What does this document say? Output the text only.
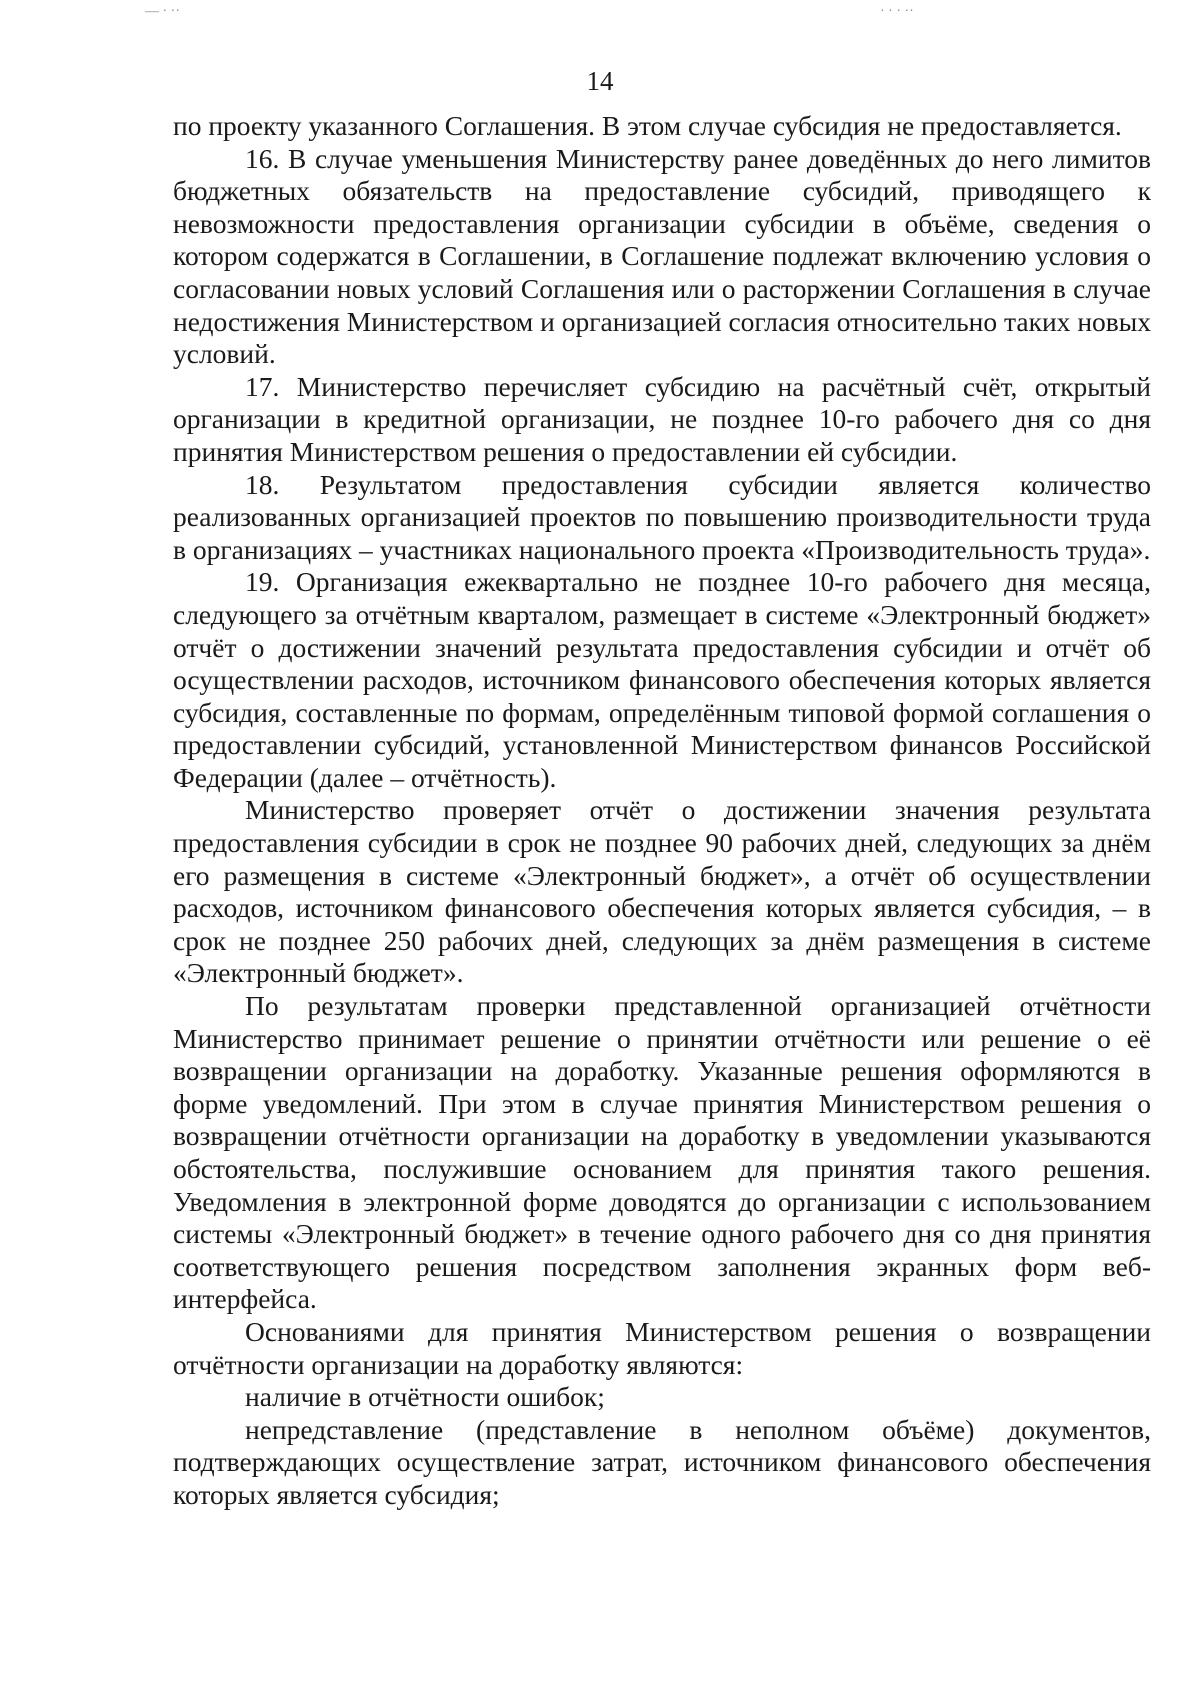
— · ··	· · · ··
14

по проекту указанного Соглашения. В этом случае субсидия не предоставляется.

16. В случае уменьшения Министерству ранее доведённых до него лимитов бюджетных обязательств на предоставление субсидий, приводящего к невозможности предоставления организации субсидии в объёме, сведения о котором содержатся в Соглашении, в Соглашение подлежат включению условия о согласовании новых условий Соглашения или о расторжении Соглашения в случае недостижения Министерством и организацией согласия относительно таких новых условий.

17. Министерство перечисляет субсидию на расчётный счёт, открытый организации в кредитной организации, не позднее 10-го рабочего дня со дня принятия Министерством решения о предоставлении ей субсидии.

18. Результатом предоставления субсидии является количество реализованных организацией проектов по повышению производительности труда в организациях – участниках национального проекта «Производительность труда».

19. Организация ежеквартально не позднее 10-го рабочего дня месяца, следующего за отчётным кварталом, размещает в системе «Электронный бюджет» отчёт о достижении значений результата предоставления субсидии и отчёт об осуществлении расходов, источником финансового обеспечения которых является субсидия, составленные по формам, определённым типовой формой соглашения о предоставлении субсидий, установленной Министерством финансов Российской Федерации (далее – отчётность).

Министерство проверяет отчёт о достижении значения результата предоставления субсидии в срок не позднее 90 рабочих дней, следующих за днём его размещения в системе «Электронный бюджет», а отчёт об осуществлении расходов, источником финансового обеспечения которых является субсидия, – в срок не позднее 250 рабочих дней, следующих за днём размещения в системе «Электронный бюджет».

По результатам проверки представленной организацией отчётности Министерство принимает решение о принятии отчётности или решение о её возвращении организации на доработку. Указанные решения оформляются в форме уведомлений. При этом в случае принятия Министерством решения о возвращении отчётности организации на доработку в уведомлении указываются обстоятельства, послужившие основанием для принятия такого решения. Уведомления в электронной форме доводятся до организации с использованием системы «Электронный бюджет» в течение одного рабочего дня со дня принятия соответствующего решения посредством заполнения экранных форм веб-интерфейса.

Основаниями для принятия Министерством решения о возвращении отчётности организации на доработку являются:

наличие в отчётности ошибок;

непредставление (представление в неполном объёме) документов, подтверждающих осуществление затрат, источником финансового обеспечения которых является субсидия;
